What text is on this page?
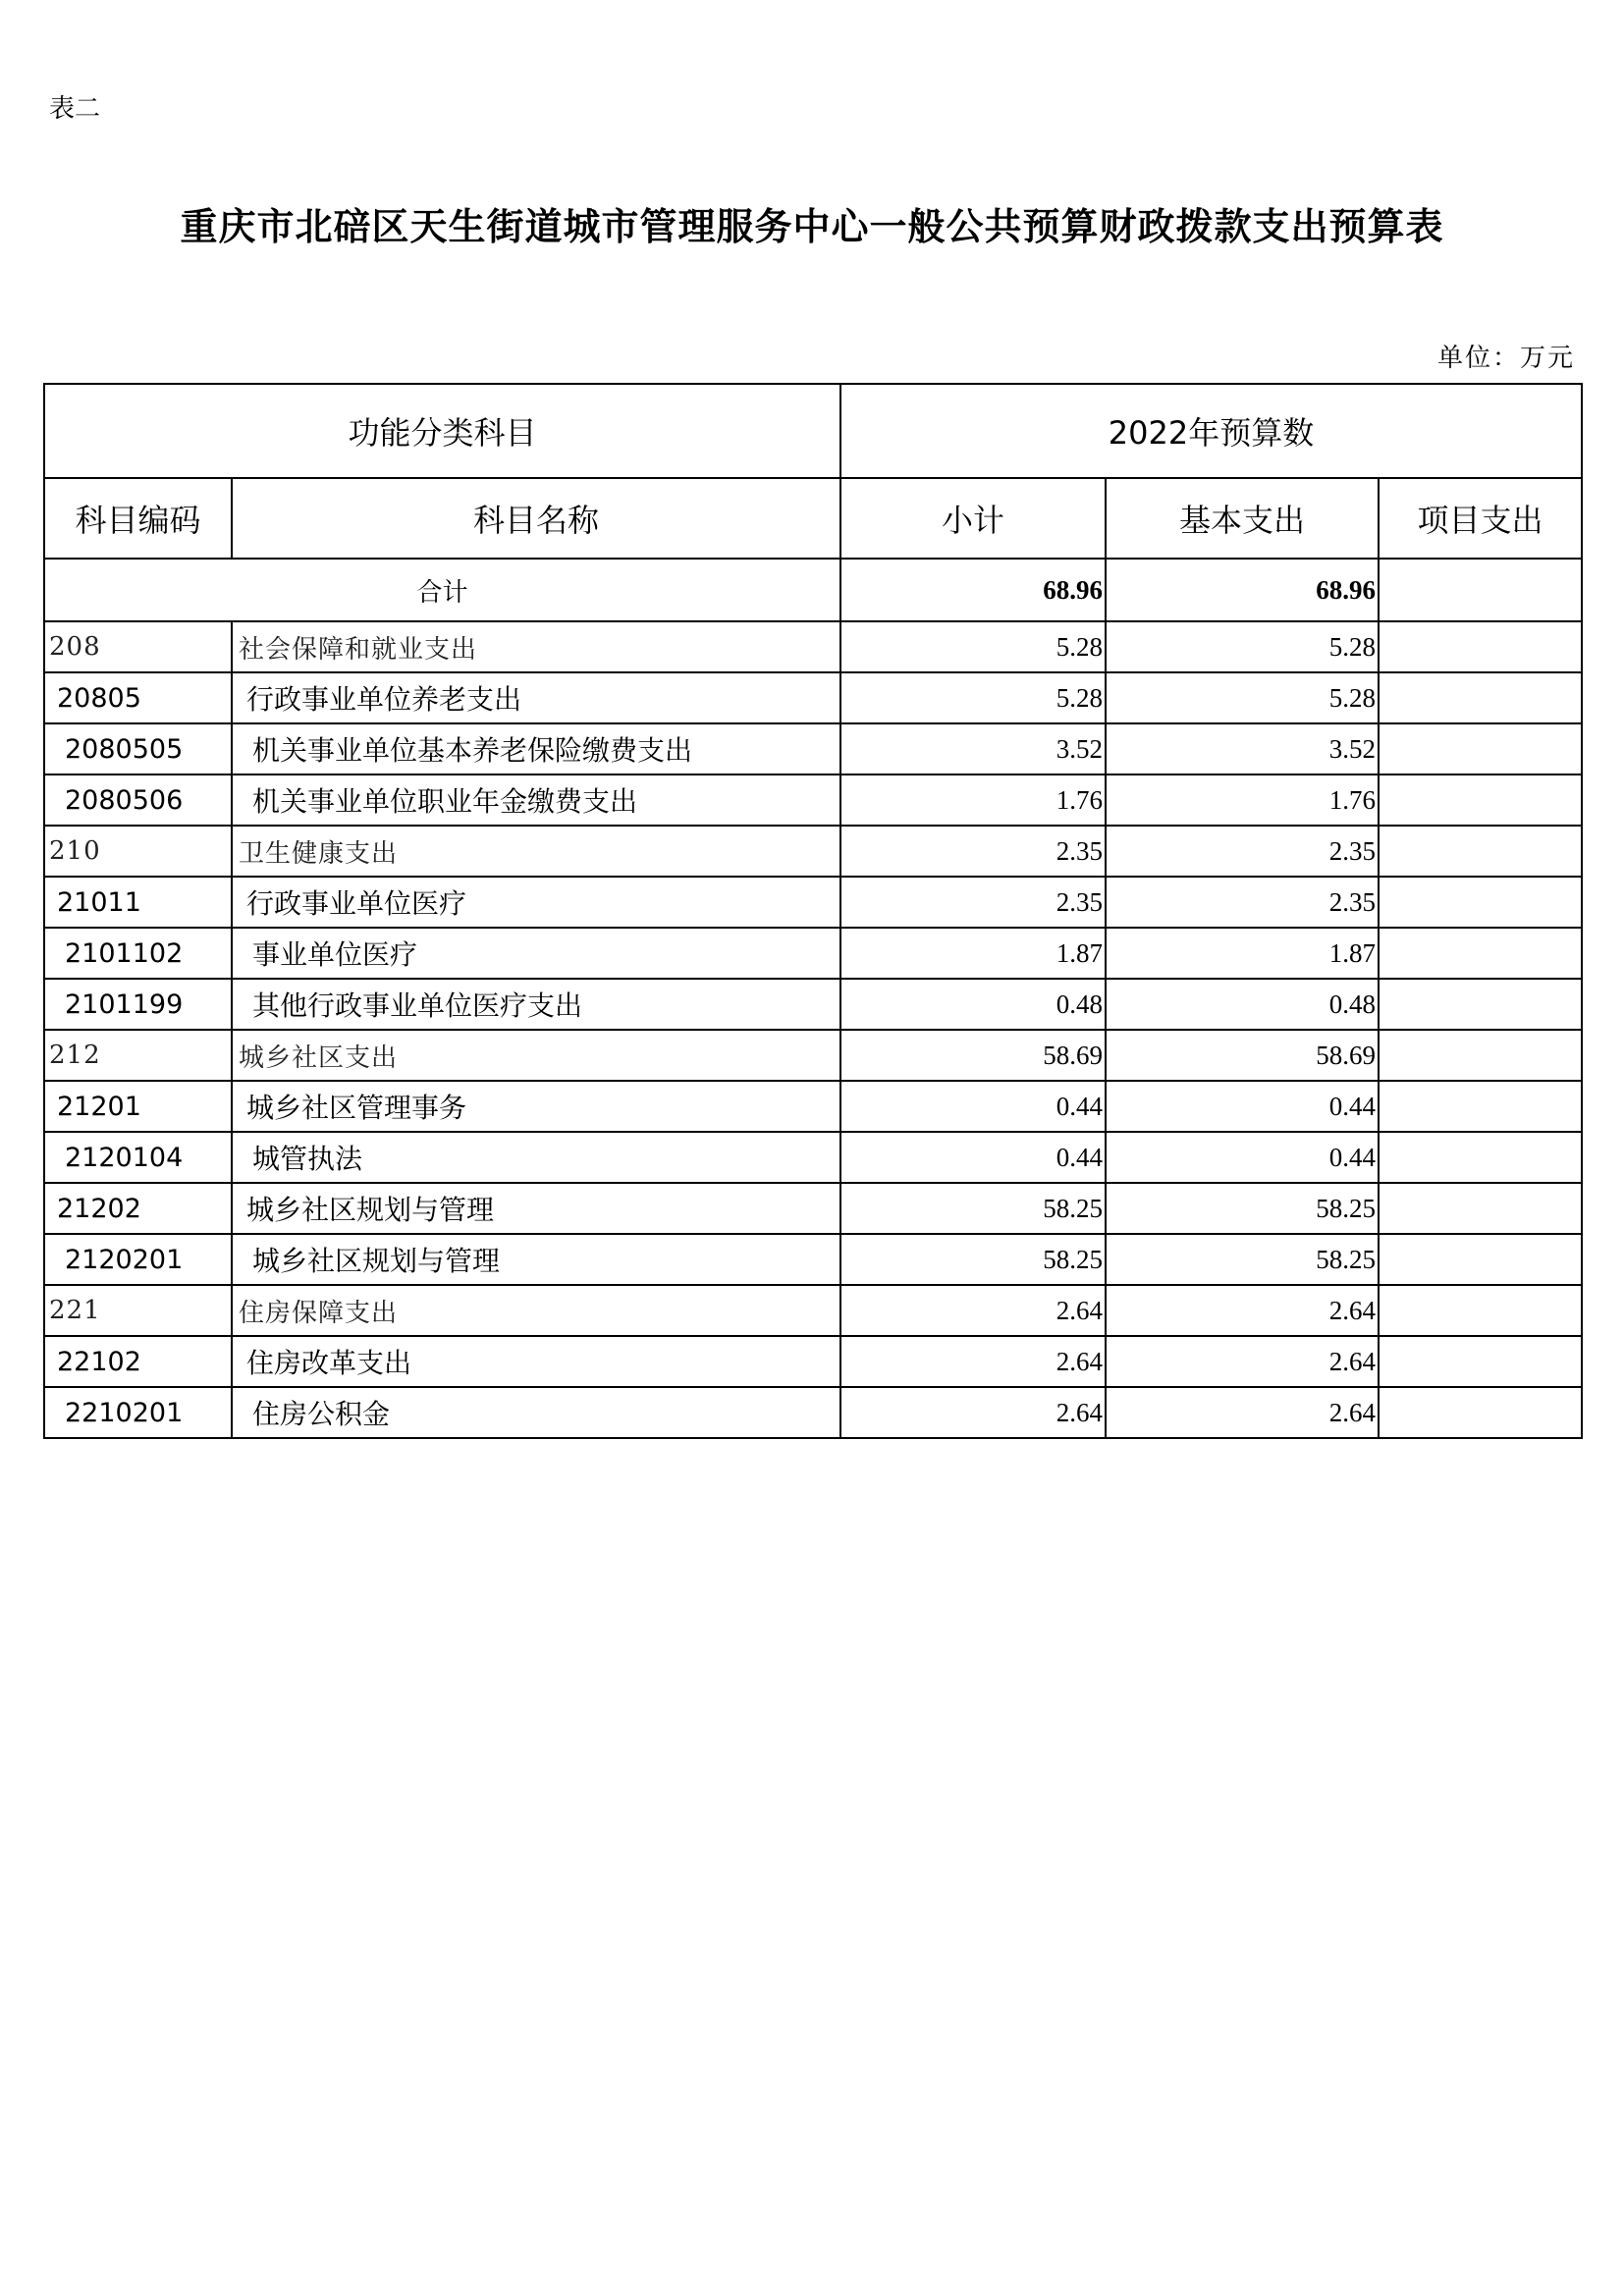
表二
重庆市北碚区天生街道城市管理服务中心一般公共预算财政拨款支出预算表
单位：万元
功能分类科目		2022年预算数		
科目编码	科目名称	小计	基本支出	项目支出
合计		68.96	68.96	
208	社会保障和就业支出	5.28	5.28	
20805	行政事业单位养老支出	5.28	5.28	
2080505	机关事业单位基本养老保险缴费支出	3.52	3.52	
2080506	机关事业单位职业年金缴费支出	1.76	1.76	
210	卫生健康支出	2.35	2.35	
21011	行政事业单位医疗	2.35	2.35	
2101102	事业单位医疗	1.87	1.87	
2101199	其他行政事业单位医疗支出	0.48	0.48	
212	城乡社区支出	58.69	58.69	
21201	城乡社区管理事务	0.44	0.44	
2120104	城管执法	0.44	0.44	
21202	城乡社区规划与管理	58.25	58.25	
2120201	城乡社区规划与管理	58.25	58.25	
221	住房保障支出	2.64	2.64	
22102	住房改革支出	2.64	2.64	
2210201	住房公积金	2.64	2.64	
